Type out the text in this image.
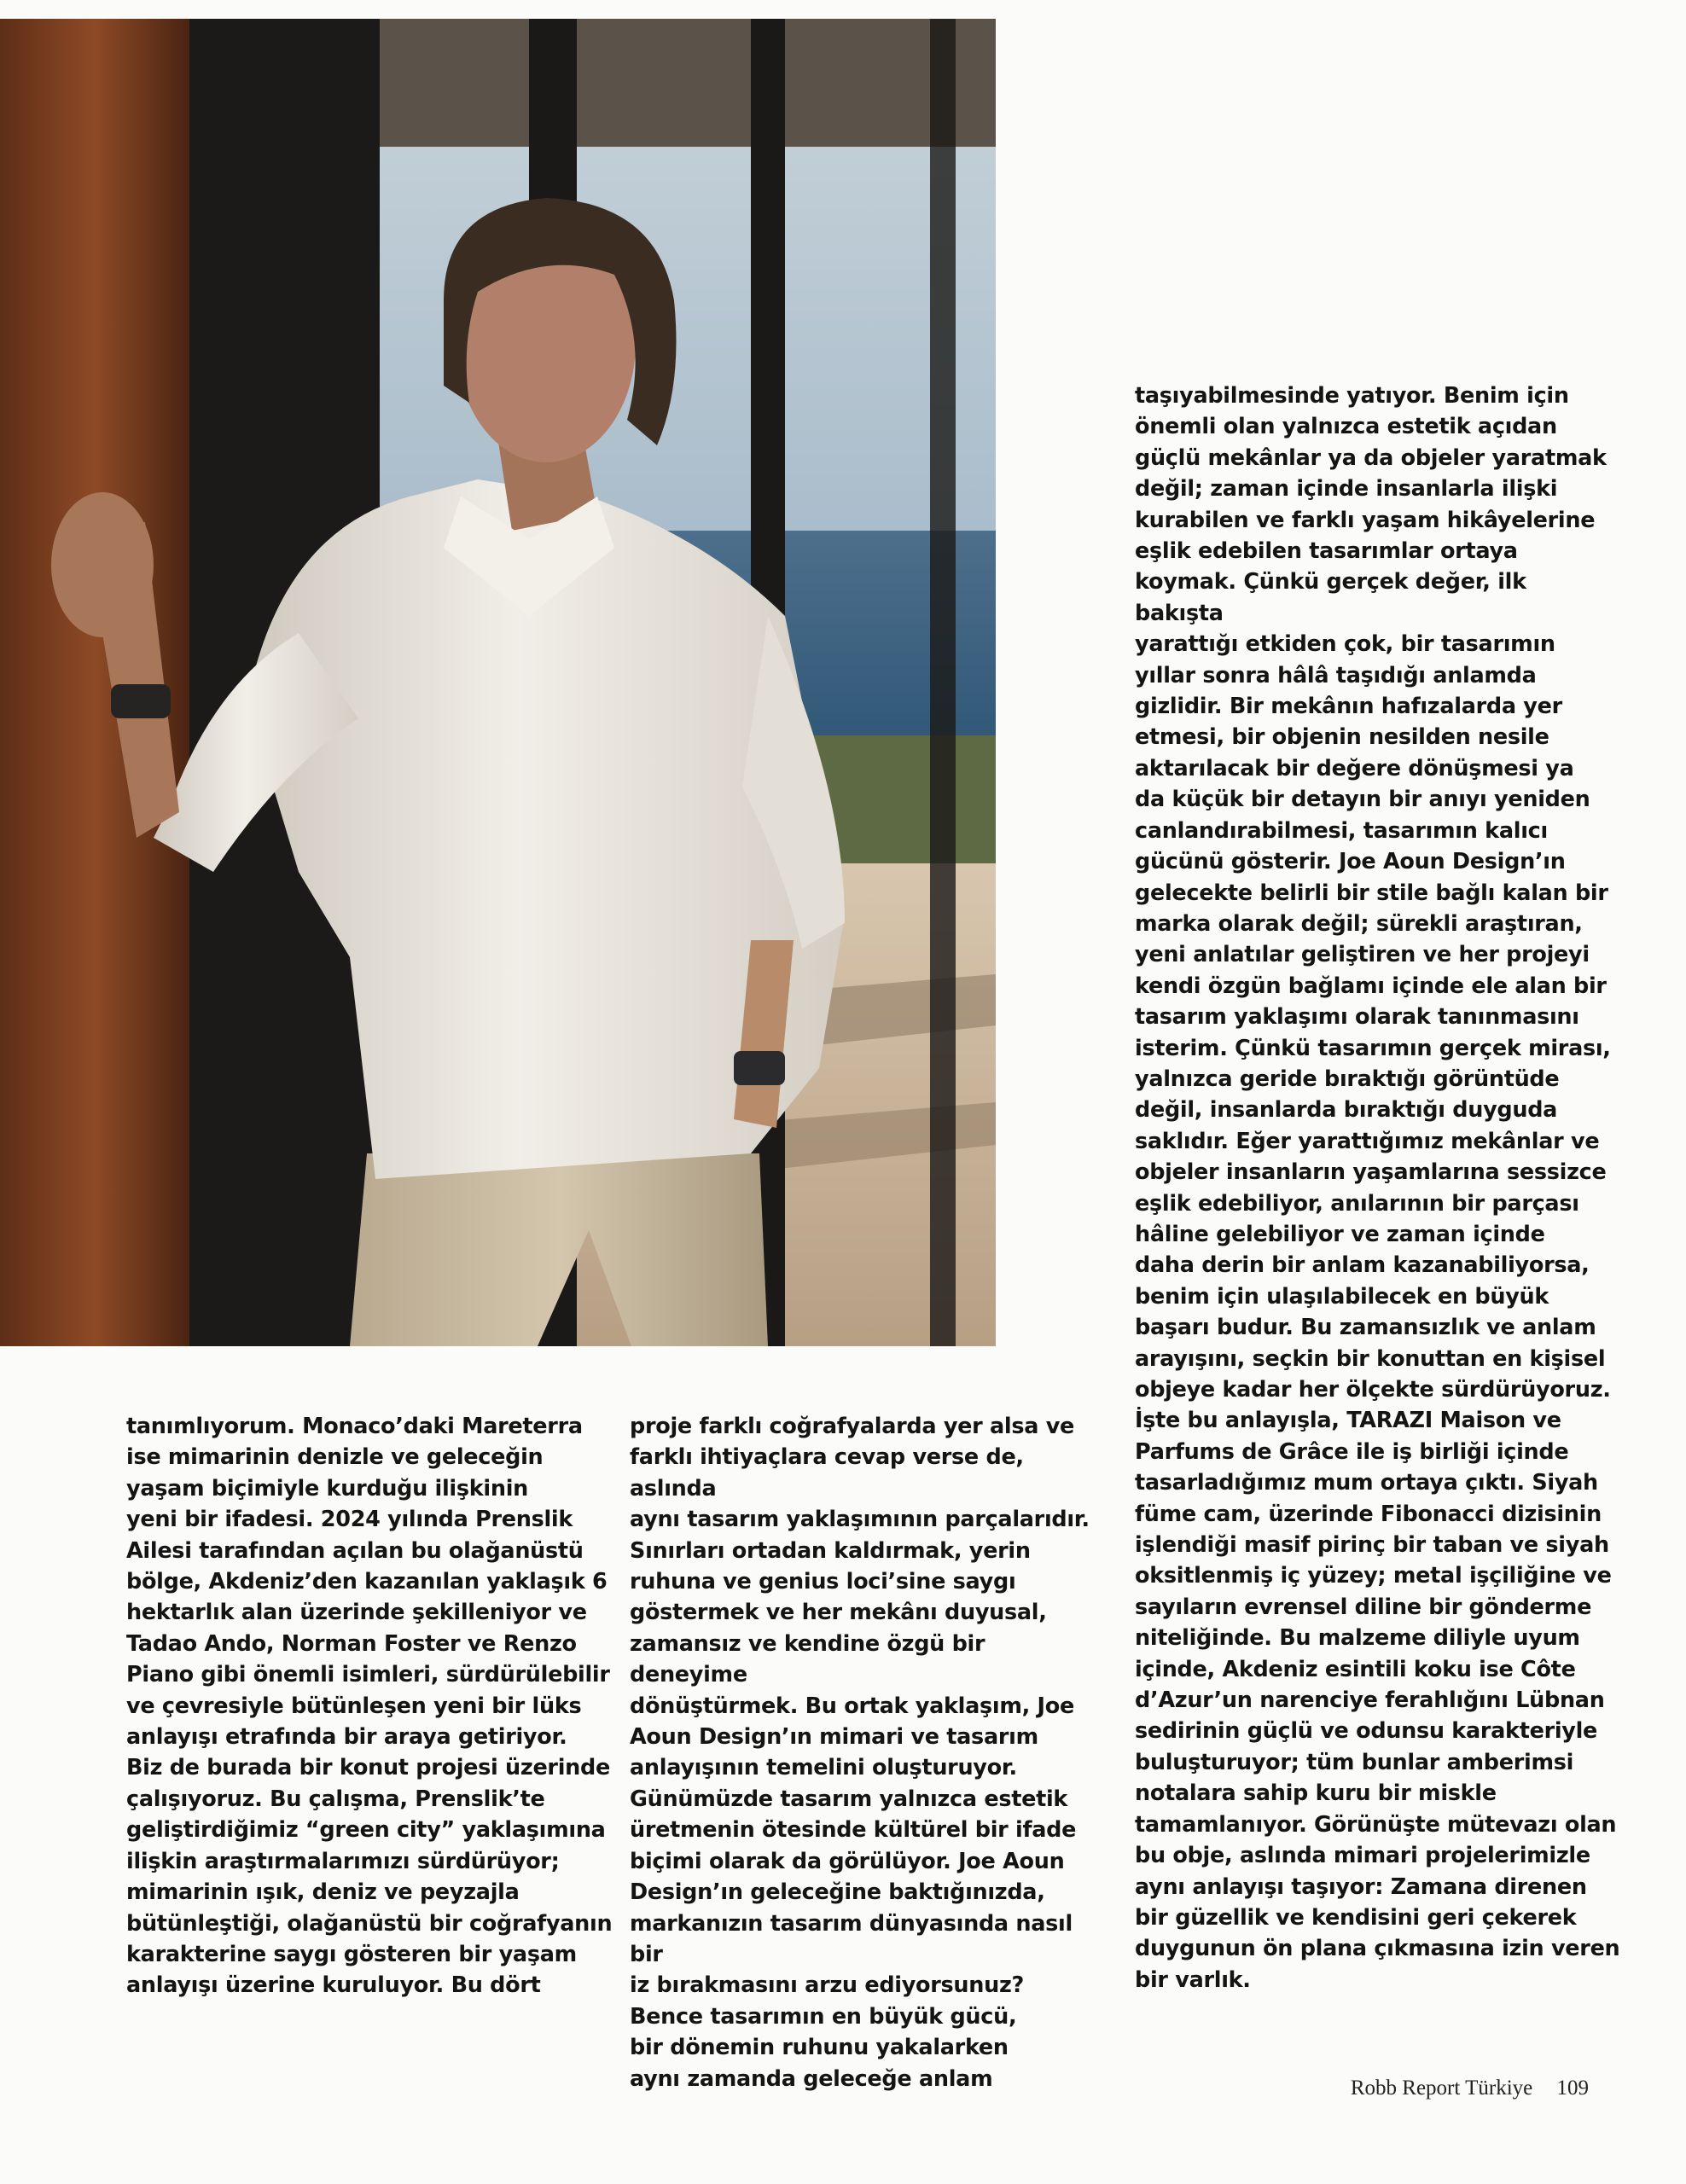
tanımlıyorum. Monaco’daki Mareterra
ise mimarinin denizle ve geleceğin
yaşam biçimiyle kurduğu ilişkinin
yeni bir ifadesi. 2024 yılında Prenslik
Ailesi tarafından açılan bu olağanüstü
bölge, Akdeniz’den kazanılan yaklaşık 6
hektarlık alan üzerinde şekilleniyor ve
Tadao Ando, Norman Foster ve Renzo
Piano gibi önemli isimleri, sürdürülebilir
ve çevresiyle bütünleşen yeni bir lüks
anlayışı etrafında bir araya getiriyor.
Biz de burada bir konut projesi üzerinde
çalışıyoruz. Bu çalışma, Prenslik’te
geliştirdiğimiz “green city” yaklaşımına
ilişkin araştırmalarımızı sürdürüyor;
mimarinin ışık, deniz ve peyzajla
bütünleştiği, olağanüstü bir coğrafyanın
karakterine saygı gösteren bir yaşam
anlayışı üzerine kuruluyor. Bu dört

proje farklı coğrafyalarda yer alsa ve
farklı ihtiyaçlara cevap verse de, aslında
aynı tasarım yaklaşımının parçalarıdır.
Sınırları ortadan kaldırmak, yerin
ruhuna ve genius loci’sine saygı
göstermek ve her mekânı duyusal,
zamansız ve kendine özgü bir deneyime
dönüştürmek. Bu ortak yaklaşım, Joe
Aoun Design’ın mimari ve tasarım
anlayışının temelini oluşturuyor.
Günümüzde tasarım yalnızca estetik
üretmenin ötesinde kültürel bir ifade
biçimi olarak da görülüyor. Joe Aoun
Design’ın geleceğine baktığınızda,
markanızın tasarım dünyasında nasıl bir
iz bırakmasını arzu ediyorsunuz?
Bence tasarımın en büyük gücü,
bir dönemin ruhunu yakalarken
aynı zamanda geleceğe anlam

taşıyabilmesinde yatıyor. Benim için
önemli olan yalnızca estetik açıdan
güçlü mekânlar ya da objeler yaratmak
değil; zaman içinde insanlarla ilişki
kurabilen ve farklı yaşam hikâyelerine
eşlik edebilen tasarımlar ortaya
koymak. Çünkü gerçek değer, ilk bakışta
yarattığı etkiden çok, bir tasarımın
yıllar sonra hâlâ taşıdığı anlamda
gizlidir. Bir mekânın hafızalarda yer
etmesi, bir objenin nesilden nesile
aktarılacak bir değere dönüşmesi ya
da küçük bir detayın bir anıyı yeniden
canlandırabilmesi, tasarımın kalıcı
gücünü gösterir. Joe Aoun Design’ın
gelecekte belirli bir stile bağlı kalan bir
marka olarak değil; sürekli araştıran,
yeni anlatılar geliştiren ve her projeyi
kendi özgün bağlamı içinde ele alan bir
tasarım yaklaşımı olarak tanınmasını
isterim. Çünkü tasarımın gerçek mirası,
yalnızca geride bıraktığı görüntüde
değil, insanlarda bıraktığı duyguda
saklıdır. Eğer yarattığımız mekânlar ve
objeler insanların yaşamlarına sessizce
eşlik edebiliyor, anılarının bir parçası
hâline gelebiliyor ve zaman içinde
daha derin bir anlam kazanabiliyorsa,
benim için ulaşılabilecek en büyük
başarı budur. Bu zamansızlık ve anlam
arayışını, seçkin bir konuttan en kişisel
objeye kadar her ölçekte sürdürüyoruz.
İşte bu anlayışla, TARAZI Maison ve
Parfums de Grâce ile iş birliği içinde
tasarladığımız mum ortaya çıktı. Siyah
füme cam, üzerinde Fibonacci dizisinin
işlendiği masif pirinç bir taban ve siyah
oksitlenmiş iç yüzey; metal işçiliğine ve
sayıların evrensel diline bir gönderme
niteliğinde. Bu malzeme diliyle uyum
içinde, Akdeniz esintili koku ise Côte
d’Azur’un narenciye ferahlığını Lübnan
sedirinin güçlü ve odunsu karakteriyle
buluşturuyor; tüm bunlar amberimsi
notalara sahip kuru bir miskle
tamamlanıyor. Görünüşte mütevazı olan
bu obje, aslında mimari projelerimizle
aynı anlayışı taşıyor: Zamana direnen
bir güzellik ve kendisini geri çekerek
duygunun ön plana çıkmasına izin veren
bir varlık.

Robb Report Türkiye 109
